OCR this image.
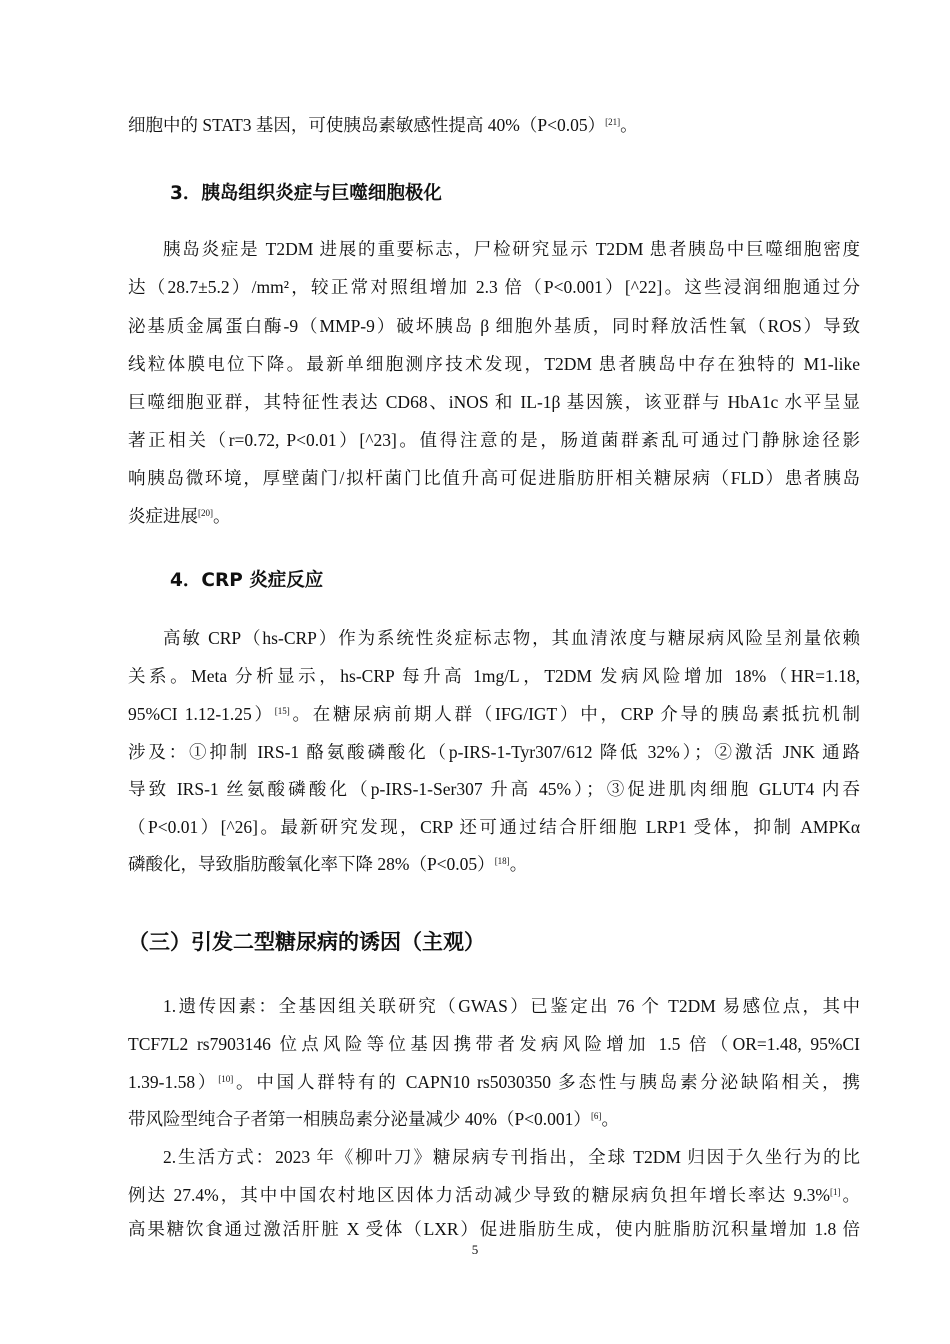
细胞中的 STAT3 基因，可使胰岛素敏感性提高 40%（P<0.05）[21]。
3．胰岛组织炎症与巨噬细胞极化
胰岛炎症是 T2DM 进展的重要标志，尸检研究显示 T2DM 患者胰岛中巨噬细胞密度
达（28.7±5.2）/mm²，较正常对照组增加 2.3 倍（P<0.001）[^22]。这些浸润细胞通过分
泌基质金属蛋白酶-9（MMP-9）破坏胰岛 β 细胞外基质，同时释放活性氧（ROS）导致
线粒体膜电位下降。最新单细胞测序技术发现，T2DM 患者胰岛中存在独特的 M1-like
巨噬细胞亚群，其特征性表达 CD68、iNOS 和 IL-1β 基因簇，该亚群与 HbA1c 水平呈显
著正相关（r=0.72, P<0.01）[^23]。值得注意的是，肠道菌群紊乱可通过门静脉途径影
响胰岛微环境，厚壁菌门/拟杆菌门比值升高可促进脂肪肝相关糖尿病（FLD）患者胰岛
炎症进展[20]。
4．CRP 炎症反应
高敏 CRP（hs-CRP）作为系统性炎症标志物，其血清浓度与糖尿病风险呈剂量依赖
关系。Meta 分析显示，hs-CRP 每升高 1mg/L，T2DM 发病风险增加 18%（HR=1.18,
95%CI 1.12-1.25）[15]。在糖尿病前期人群（IFG/IGT）中，CRP 介导的胰岛素抵抗机制
涉及：①抑制 IRS-1 酪氨酸磷酸化（p-IRS-1-Tyr307/612 降低 32%）；②激活 JNK 通路
导致 IRS-1 丝氨酸磷酸化（p-IRS-1-Ser307 升高 45%）；③促进肌肉细胞 GLUT4 内吞
（P<0.01）[^26]。最新研究发现，CRP 还可通过结合肝细胞 LRP1 受体，抑制 AMPKα
磷酸化，导致脂肪酸氧化率下降 28%（P<0.05）[18]。
（三）引发二型糖尿病的诱因（主观）
1.遗传因素：全基因组关联研究（GWAS）已鉴定出 76 个 T2DM 易感位点，其中
TCF7L2 rs7903146 位点风险等位基因携带者发病风险增加 1.5 倍（OR=1.48, 95%CI
1.39-1.58）[10]。中国人群特有的 CAPN10 rs5030350 多态性与胰岛素分泌缺陷相关，携
带风险型纯合子者第一相胰岛素分泌量减少 40%（P<0.001）[6]。
2.生活方式：2023 年《柳叶刀》糖尿病专刊指出，全球 T2DM 归因于久坐行为的比
例达 27.4%，其中中国农村地区因体力活动减少导致的糖尿病负担年增长率达 9.3%[1]。
高果糖饮食通过激活肝脏 X 受体（LXR）促进脂肪生成，使内脏脂肪沉积量增加 1.8 倍
5
